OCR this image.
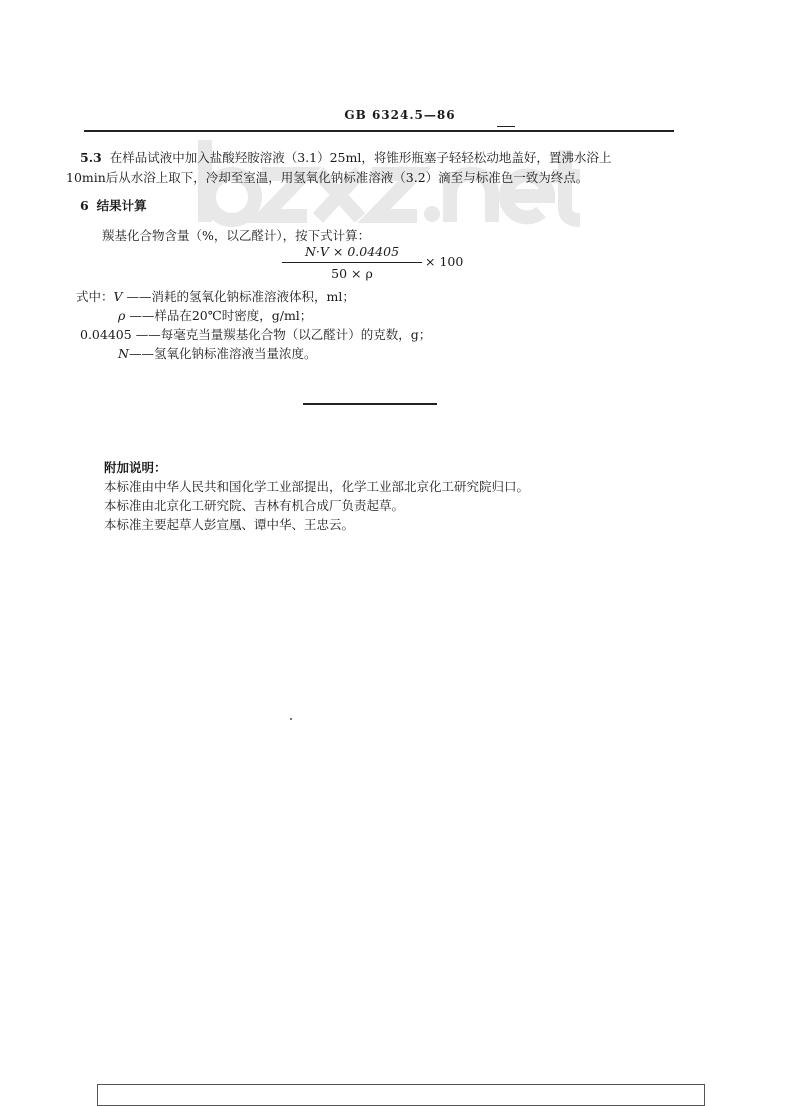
GB 6324.5—86
5.3 在样品试液中加入盐酸羟胺溶液（3.1）25ml，将锥形瓶塞子轻轻松动地盖好，置沸水浴上
10min后从水浴上取下，冷却至室温，用氢氧化钠标准溶液（3.2）滴至与标准色一致为终点。
6 结果计算
羰基化合物含量（%，以乙醛计），按下式计算：
N·V × 0.04405
50 × ρ
× 100
式中：V ——消耗的氢氧化钠标准溶液体积，ml；
ρ ——样品在20℃时密度，g/ml；
0.04405 ——每毫克当量羰基化合物（以乙醛计）的克数，g；
N——氢氧化钠标准溶液当量浓度。
附加说明：
本标准由中华人民共和国化学工业部提出，化学工业部北京化工研究院归口。
本标准由北京化工研究院、吉林有机合成厂负责起草。
本标准主要起草人彭宣凰、谭中华、王忠云。
